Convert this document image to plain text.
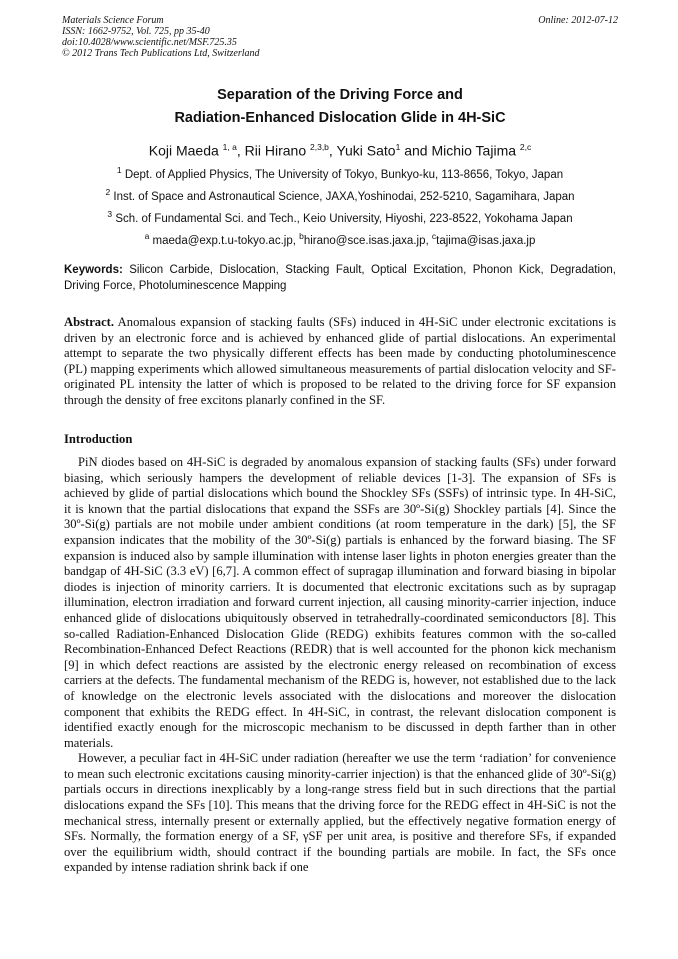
Materials Science Forum
ISSN: 1662-9752, Vol. 725, pp 35-40
doi:10.4028/www.scientific.net/MSF.725.35
© 2012 Trans Tech Publications Ltd, Switzerland
Online: 2012-07-12
Separation of the Driving Force and
Radiation-Enhanced Dislocation Glide in 4H-SiC
Koji Maeda $^{1, a}$, Rii Hirano $^{2,3,b}$, Yuki Sato$^1$ and Michio Tajima $^{2,c}$
$^1$ Dept. of Applied Physics, The University of Tokyo, Bunkyo-ku, 113-8656, Tokyo, Japan
$^2$ Inst. of Space and Astronautical Science, JAXA,Yoshinodai, 252-5210, Sagamihara, Japan
$^3$ Sch. of Fundamental Sci. and Tech., Keio University, Hiyoshi, 223-8522, Yokohama Japan
$^a$ maeda@exp.t.u-tokyo.ac.jp, $^b$hirano@sce.isas.jaxa.jp, $^c$tajima@isas.jaxa.jp
Keywords: Silicon Carbide, Dislocation, Stacking Fault, Optical Excitation, Phonon Kick, Degradation, Driving Force, Photoluminescence Mapping
Abstract. Anomalous expansion of stacking faults (SFs) induced in 4H-SiC under electronic excitations is driven by an electronic force and is achieved by enhanced glide of partial dislocations. An experimental attempt to separate the two physically different effects has been made by conducting photoluminescence (PL) mapping experiments which allowed simultaneous measurements of partial dislocation velocity and SF-originated PL intensity the latter of which is proposed to be related to the driving force for SF expansion through the density of free excitons planarly confined in the SF.
Introduction

PiN diodes based on 4H-SiC is degraded by anomalous expansion of stacking faults (SFs) under forward biasing, which seriously hampers the development of reliable devices [1-3]. The expansion of SFs is achieved by glide of partial dislocations which bound the Shockley SFs (SSFs) of intrinsic type. In 4H-SiC, it is known that the partial dislocations that expand the SSFs are 30º-Si(g) Shockley partials [4]. Since the 30º-Si(g) partials are not mobile under ambient conditions (at room temperature in the dark) [5], the SF expansion indicates that the mobility of the 30º-Si(g) partials is enhanced by the forward biasing. The SF expansion is induced also by sample illumination with intense laser lights in photon energies greater than the bandgap of 4H-SiC (3.3 eV) [6,7]. A common effect of supragap illumination and forward biasing in bipolar diodes is injection of minority carriers. It is documented that electronic excitations such as by supragap illumination, electron irradiation and forward current injection, all causing minority-carrier injection, induce enhanced glide of dislocations ubiquitously observed in tetrahedrally-coordinated semiconductors [8]. This so-called Radiation-Enhanced Dislocation Glide (REDG) exhibits features common with the so-called Recombination-Enhanced Defect Reactions (REDR) that is well accounted for the phonon kick mechanism [9] in which defect reactions are assisted by the electronic energy released on recombination of excess carriers at the defects. The fundamental mechanism of the REDG is, however, not established due to the lack of knowledge on the electronic levels associated with the dislocations and moreover the dislocation component that exhibits the REDG effect. In 4H-SiC, in contrast, the relevant dislocation component is identified exactly enough for the microscopic mechanism to be discussed in depth farther than in other materials.

However, a peculiar fact in 4H-SiC under radiation (hereafter we use the term ‘radiation’ for convenience to mean such electronic excitations causing minority-carrier injection) is that the enhanced glide of 30º-Si(g) partials occurs in directions inexplicably by a long-range stress field but in such directions that the partial dislocations expand the SFs [10]. This means that the driving force for the REDG effect in 4H-SiC is not the mechanical stress, internally present or externally applied, but the effectively negative formation energy of SFs. Normally, the formation energy of a SF, γSF per unit area, is positive and therefore SFs, if expanded over the equilibrium width, should contract if the bounding partials are mobile. In fact, the SFs once expanded by intense radiation shrink back if one
